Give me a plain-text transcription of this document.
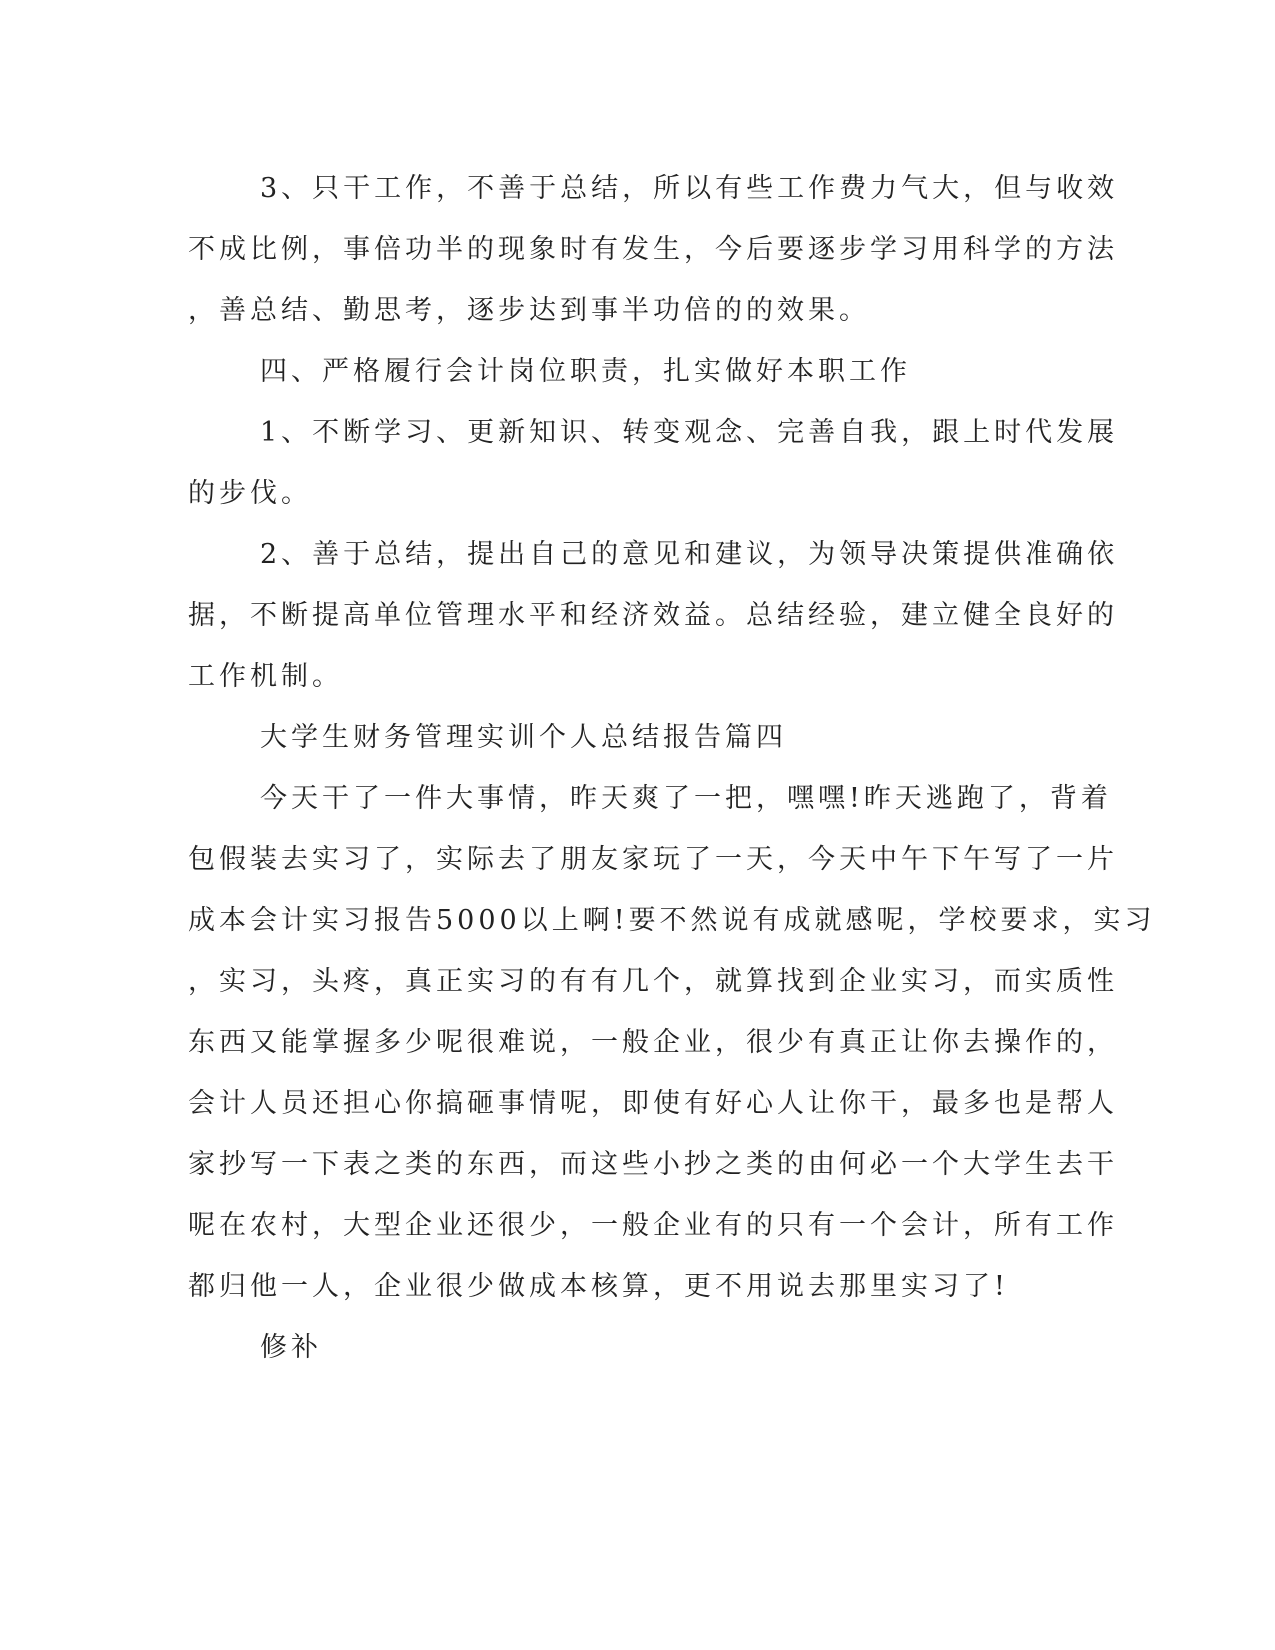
3、只干工作，不善于总结，所以有些工作费力气大，但与收效
不成比例，事倍功半的现象时有发生，今后要逐步学习用科学的方法
，善总结、勤思考，逐步达到事半功倍的的效果。
四、严格履行会计岗位职责，扎实做好本职工作
1、不断学习、更新知识、转变观念、完善自我，跟上时代发展
的步伐。
2、善于总结，提出自己的意见和建议，为领导决策提供准确依
据，不断提高单位管理水平和经济效益。总结经验，建立健全良好的
工作机制。
大学生财务管理实训个人总结报告篇四
今天干了一件大事情，昨天爽了一把，嘿嘿!昨天逃跑了，背着
包假装去实习了，实际去了朋友家玩了一天，今天中午下午写了一片
成本会计实习报告5000以上啊!要不然说有成就感呢，学校要求，实习
，实习，头疼，真正实习的有有几个，就算找到企业实习，而实质性
东西又能掌握多少呢很难说，一般企业，很少有真正让你去操作的，
会计人员还担心你搞砸事情呢，即使有好心人让你干，最多也是帮人
家抄写一下表之类的东西，而这些小抄之类的由何必一个大学生去干
呢在农村，大型企业还很少，一般企业有的只有一个会计，所有工作
都归他一人，企业很少做成本核算，更不用说去那里实习了!
修补
